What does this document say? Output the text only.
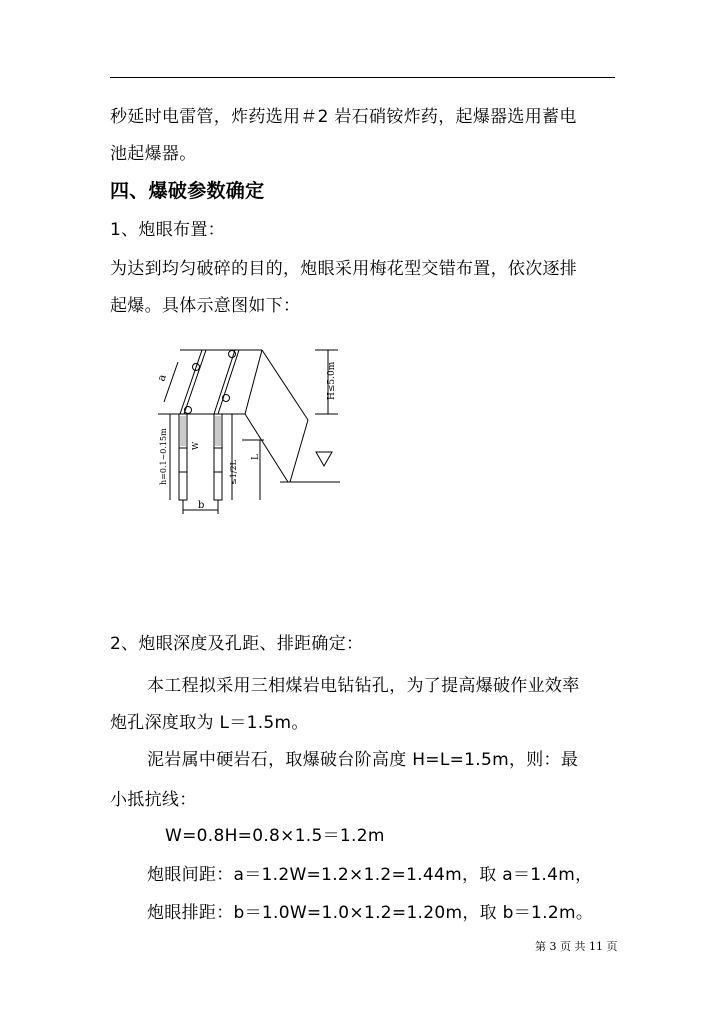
秒延时电雷管，炸药选用＃2 岩石硝铵炸药，起爆器选用蓄电
池起爆器。
四、爆破参数确定
1、炮眼布置：
为达到均匀破碎的目的，炮眼采用梅花型交错布置，依次逐排
起爆。具体示意图如下：
a	H≤5.0m
h=0.1~0.15m	W
≤1/2L
L
b
2、炮眼深度及孔距、排距确定：
本工程拟采用三相煤岩电钻钻孔，为了提高爆破作业效率
炮孔深度取为 L＝1.5m。
泥岩属中硬岩石，取爆破台阶高度 H=L=1.5m，则：最
小抵抗线：
W=0.8H=0.8×1.5＝1.2m
炮眼间距：a＝1.2W=1.2×1.2=1.44m，取 a＝1.4m，
炮眼排距：b＝1.0W=1.0×1.2=1.20m，取 b＝1.2m。
第 3 页 共 11 页
